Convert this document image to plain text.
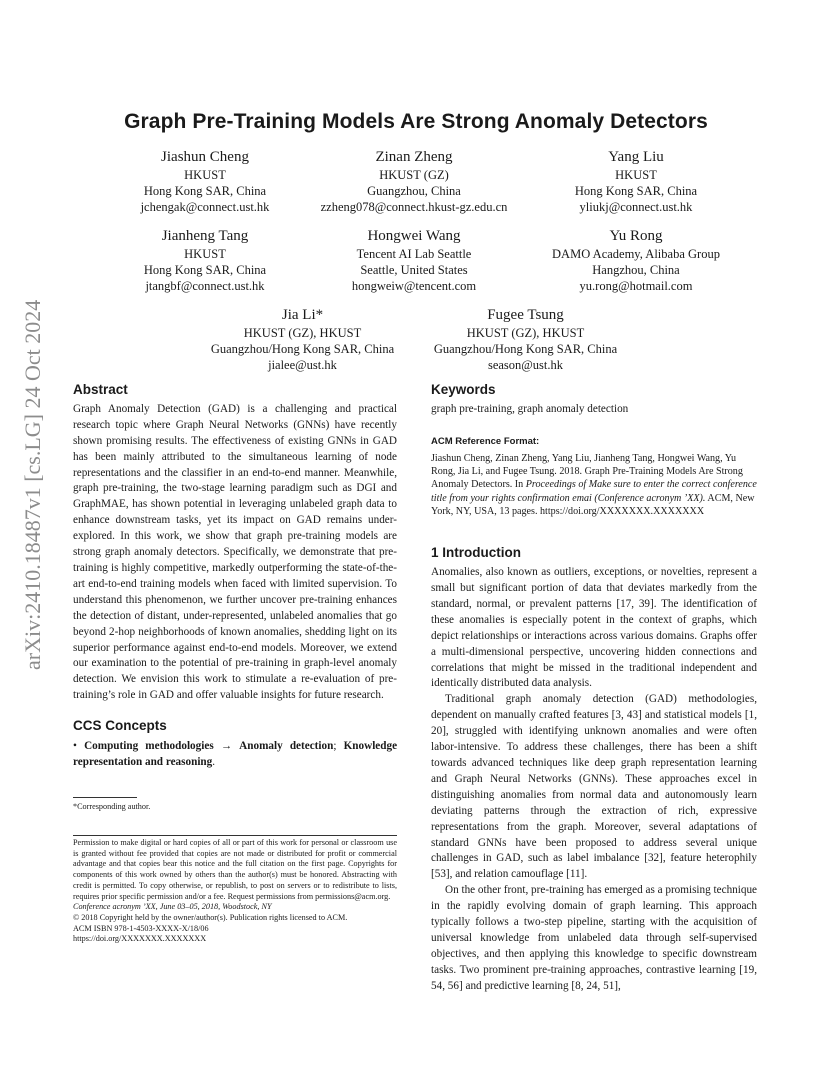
arXiv:2410.18487v1 [cs.LG] 24 Oct 2024
Graph Pre-Training Models Are Strong Anomaly Detectors
Jiashun Cheng
HKUST
Hong Kong SAR, China
jchengak@connect.ust.hk
Zinan Zheng
HKUST (GZ)
Guangzhou, China
zzheng078@connect.hkust-gz.edu.cn
Yang Liu
HKUST
Hong Kong SAR, China
yliukj@connect.ust.hk
Jianheng Tang
HKUST
Hong Kong SAR, China
jtangbf@connect.ust.hk
Hongwei Wang
Tencent AI Lab Seattle
Seattle, United States
hongweiw@tencent.com
Yu Rong
DAMO Academy, Alibaba Group
Hangzhou, China
yu.rong@hotmail.com
Jia Li*
HKUST (GZ), HKUST
Guangzhou/Hong Kong SAR, China
jialee@ust.hk
Fugee Tsung
HKUST (GZ), HKUST
Guangzhou/Hong Kong SAR, China
season@ust.hk
Abstract

Graph Anomaly Detection (GAD) is a challenging and practical research topic where Graph Neural Networks (GNNs) have recently shown promising results. The effectiveness of existing GNNs in GAD has been mainly attributed to the simultaneous learning of node representations and the classifier in an end-to-end manner. Meanwhile, graph pre-training, the two-stage learning paradigm such as DGI and GraphMAE, has shown potential in leveraging unlabeled graph data to enhance downstream tasks, yet its impact on GAD remains under-explored. In this work, we show that graph pre-training models are strong graph anomaly detectors. Specifically, we demonstrate that pre-training is highly competitive, markedly outperforming the state-of-the-art end-to-end training models when faced with limited supervision. To understand this phenomenon, we further uncover pre-training enhances the detection of distant, under-represented, unlabeled anomalies that go beyond 2-hop neighborhoods of known anomalies, shedding light on its superior performance against end-to-end models. Moreover, we extend our examination to the potential of pre-training in graph-level anomaly detection. We envision this work to stimulate a re-evaluation of pre-training’s role in GAD and offer valuable insights for future research.

CCS Concepts

• Computing methodologies → Anomaly detection; Knowledge representation and reasoning.

*Corresponding author.

Permission to make digital or hard copies of all or part of this work for personal or classroom use is granted without fee provided that copies are not made or distributed for profit or commercial advantage and that copies bear this notice and the full citation on the first page. Copyrights for components of this work owned by others than the author(s) must be honored. Abstracting with credit is permitted. To copy otherwise, or republish, to post on servers or to redistribute to lists, requires prior specific permission and/or a fee. Request permissions from permissions@acm.org.

Conference acronym ’XX, June 03–05, 2018, Woodstock, NY

© 2018 Copyright held by the owner/author(s). Publication rights licensed to ACM.

ACM ISBN 978-1-4503-XXXX-X/18/06

https://doi.org/XXXXXXX.XXXXXXX

Keywords

graph pre-training, graph anomaly detection

ACM Reference Format:

Jiashun Cheng, Zinan Zheng, Yang Liu, Jianheng Tang, Hongwei Wang, Yu Rong, Jia Li, and Fugee Tsung. 2018. Graph Pre-Training Models Are Strong Anomaly Detectors. In Proceedings of Make sure to enter the correct conference title from your rights confirmation emai (Conference acronym ’XX). ACM, New York, NY, USA, 13 pages. https://doi.org/XXXXXXX.XXXXXXX

1 Introduction

Anomalies, also known as outliers, exceptions, or novelties, represent a small but significant portion of data that deviates markedly from the standard, normal, or prevalent patterns [17, 39]. The identification of these anomalies is especially potent in the context of graphs, which depict relationships or interactions across various domains. Graphs offer a multi-dimensional perspective, uncovering hidden connections and correlations that might be missed in the traditional independent and identically distributed data analysis.

Traditional graph anomaly detection (GAD) methodologies, dependent on manually crafted features [3, 43] and statistical models [1, 20], struggled with identifying unknown anomalies and were often labor-intensive. To address these challenges, there has been a shift towards advanced techniques like deep graph representation learning and Graph Neural Networks (GNNs). These approaches excel in distinguishing anomalies from normal data and autonomously learn deviating patterns through the extraction of rich, expressive representations from the graph. Moreover, several adaptations of standard GNNs have been proposed to address several unique challenges in GAD, such as label imbalance [32], feature heterophily [53], and relation camouflage [11].

On the other front, pre-training has emerged as a promising technique in the rapidly evolving domain of graph learning. This approach typically follows a two-step pipeline, starting with the acquisition of universal knowledge from unlabeled data through self-supervised objectives, and then applying this knowledge to specific downstream tasks. Two prominent pre-training approaches, contrastive learning [19, 54, 56] and predictive learning [8, 24, 51],
